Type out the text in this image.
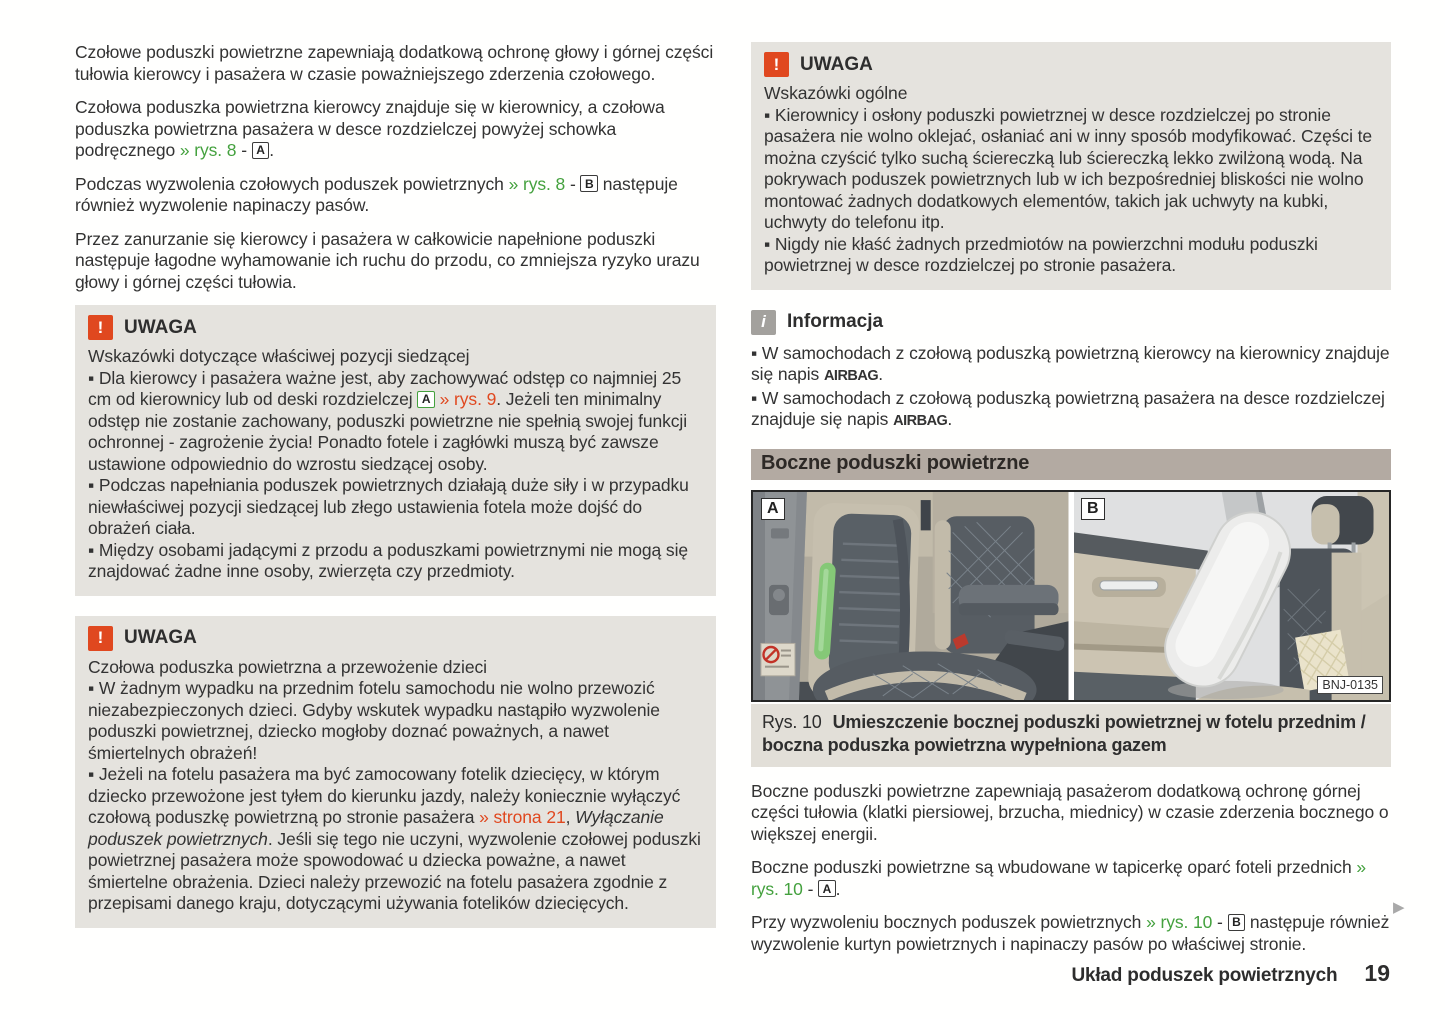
Czołowe poduszki powietrzne zapewniają dodatkową ochronę głowy i górnej części tułowia kierowcy i pasażera w czasie poważniejszego zderzenia czołowego.

Czołowa poduszka powietrzna kierowcy znajduje się w kierownicy, a czołowa poduszka powietrzna pasażera w desce rozdzielczej powyżej schowka podręcznego » rys. 8 - A .

Podczas wyzwolenia czołowych poduszek powietrznych » rys. 8 - B następuje również wyzwolenie napinaczy pasów.

Przez zanurzanie się kierowcy i pasażera w całkowicie napełnione poduszki następuje łagodne wyhamowanie ich ruchu do przodu, co zmniejsza ryzyko urazu głowy i górnej części tułowia.

!	UWAGA

Wskazówki dotyczące właściwej pozycji siedzącej

▪ Dla kierowcy i pasażera ważne jest, aby zachowywać odstęp co najmniej 25 cm od kierownicy lub od deski rozdzielczej A » rys. 9. Jeżeli ten minimalny odstęp nie zostanie zachowany, poduszki powietrzne nie spełnią swojej funkcji ochronnej - zagrożenie życia! Ponadto fotele i zagłówki muszą być zawsze ustawione odpowiednio do wzrostu siedzącej osoby.

▪ Podczas napełniania poduszek powietrznych działają duże siły i w przypadku niewłaściwej pozycji siedzącej lub złego ustawienia fotela może dojść do obrażeń ciała.

▪ Między osobami jadącymi z przodu a poduszkami powietrznymi nie mogą się znajdować żadne inne osoby, zwierzęta czy przedmioty.

!	UWAGA

Czołowa poduszka powietrzna a przewożenie dzieci

▪ W żadnym wypadku na przednim fotelu samochodu nie wolno przewozić niezabezpieczonych dzieci. Gdyby wskutek wypadku nastąpiło wyzwolenie poduszki powietrznej, dziecko mogłoby doznać poważnych, a nawet śmiertelnych obrażeń!

▪ Jeżeli na fotelu pasażera ma być zamocowany fotelik dziecięcy, w którym dziecko przewożone jest tyłem do kierunku jazdy, należy koniecznie wyłączyć czołową poduszkę powietrzną po stronie pasażera » strona 21, Wyłączanie poduszek powietrznych. Jeśli się tego nie uczyni, wyzwolenie czołowej poduszki powietrznej pasażera może spowodować u dziecka poważne, a nawet śmiertelne obrażenia. Dzieci należy przewozić na fotelu pasażera zgodnie z przepisami danego kraju, dotyczącymi używania fotelików dziecięcych.

!	UWAGA

Wskazówki ogólne

▪ Kierownicy i osłony poduszki powietrznej w desce rozdzielczej po stronie pasażera nie wolno oklejać, osłaniać ani w inny sposób modyfikować. Części te można czyścić tylko suchą ściereczką lub ściereczką lekko zwilżoną wodą. Na pokrywach poduszek powietrznych lub w ich bezpośredniej bliskości nie wolno montować żadnych dodatkowych elementów, takich jak uchwyty na kubki, uchwyty do telefonu itp.

▪ Nigdy nie kłaść żadnych przedmiotów na powierzchni modułu poduszki powietrznej w desce rozdzielczej po stronie pasażera.

i	Informacja

▪ W samochodach z czołową poduszką powietrzną kierowcy na kierownicy znajduje się napis AIRBAG.

▪ W samochodach z czołową poduszką powietrzną pasażera na desce rozdzielczej znajduje się napis AIRBAG.

Boczne poduszki powietrzne
A	B
BNJ-0135
Rys. 10 Umieszczenie bocznej poduszki powietrznej w fotelu przednim / boczna poduszka powietrzna wypełniona gazem

Boczne poduszki powietrzne zapewniają pasażerom dodatkową ochronę górnej części tułowia (klatki piersiowej, brzucha, miednicy) w czasie zderzenia bocznego o większej energii.

Boczne poduszki powietrzne są wbudowane w tapicerkę oparć foteli przednich » rys. 10 - A .

Przy wyzwoleniu bocznych poduszek powietrznych » rys. 10 - B następuje również wyzwolenie kurtyn powietrznych i napinaczy pasów po właściwej stronie.

▶
Układ poduszek powietrznych 19
